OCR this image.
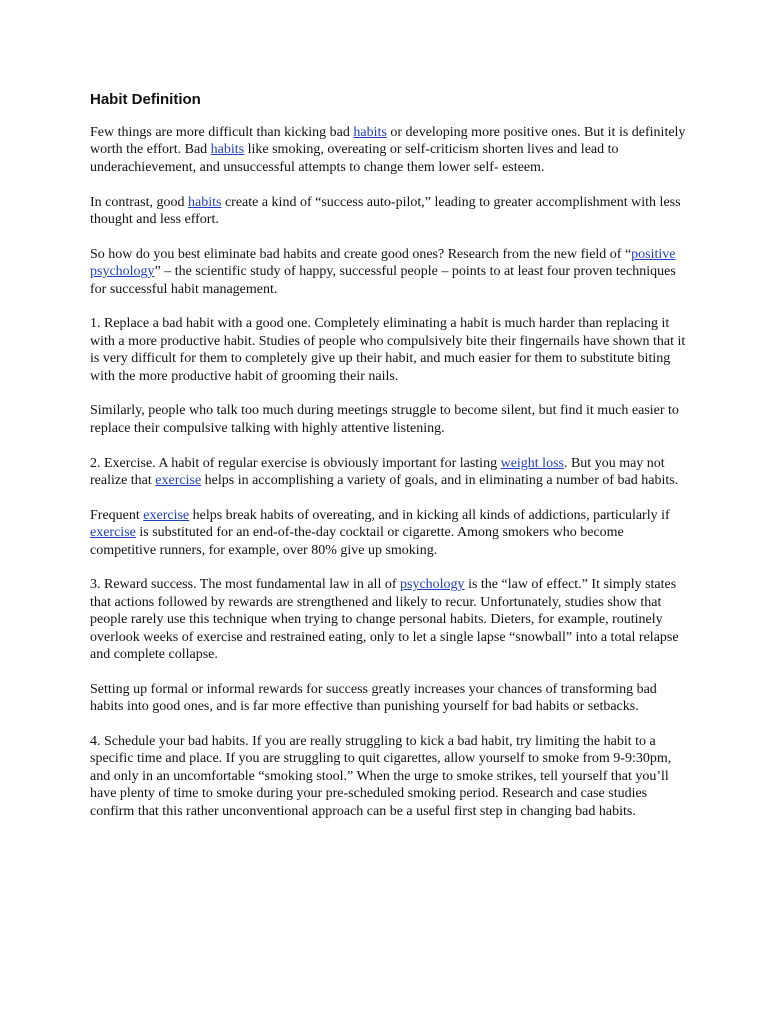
Habit Definition

Few things are more difficult than kicking bad habits or developing more positive ones. But it is definitely worth the effort. Bad habits like smoking, overeating or self-criticism shorten lives and lead to underachievement, and unsuccessful attempts to change them lower self- esteem.

In contrast, good habits create a kind of “success auto-pilot,” leading to greater accomplishment with less thought and less effort.

So how do you best eliminate bad habits and create good ones? Research from the new field of “positive psychology” – the scientific study of happy, successful people – points to at least four proven techniques for successful habit management.

1. Replace a bad habit with a good one. Completely eliminating a habit is much harder than replacing it with a more productive habit. Studies of people who compulsively bite their fingernails have shown that it is very difficult for them to completely give up their habit, and much easier for them to substitute biting with the more productive habit of grooming their nails.

Similarly, people who talk too much during meetings struggle to become silent, but find it much easier to replace their compulsive talking with highly attentive listening.

2. Exercise. A habit of regular exercise is obviously important for lasting weight loss. But you may not realize that exercise helps in accomplishing a variety of goals, and in eliminating a number of bad habits.

Frequent exercise helps break habits of overeating, and in kicking all kinds of addictions, particularly if exercise is substituted for an end-of-the-day cocktail or cigarette. Among smokers who become competitive runners, for example, over 80% give up smoking.

3. Reward success. The most fundamental law in all of psychology is the “law of effect.” It simply states that actions followed by rewards are strengthened and likely to recur. Unfortunately, studies show that people rarely use this technique when trying to change personal habits. Dieters, for example, routinely overlook weeks of exercise and restrained eating, only to let a single lapse “snowball” into a total relapse and complete collapse.

Setting up formal or informal rewards for success greatly increases your chances of transforming bad habits into good ones, and is far more effective than punishing yourself for bad habits or setbacks.

4. Schedule your bad habits. If you are really struggling to kick a bad habit, try limiting the habit to a specific time and place. If you are struggling to quit cigarettes, allow yourself to smoke from 9-9:30pm, and only in an uncomfortable “smoking stool.” When the urge to smoke strikes, tell yourself that you’ll have plenty of time to smoke during your pre-scheduled smoking period. Research and case studies confirm that this rather unconventional approach can be a useful first step in changing bad habits.
